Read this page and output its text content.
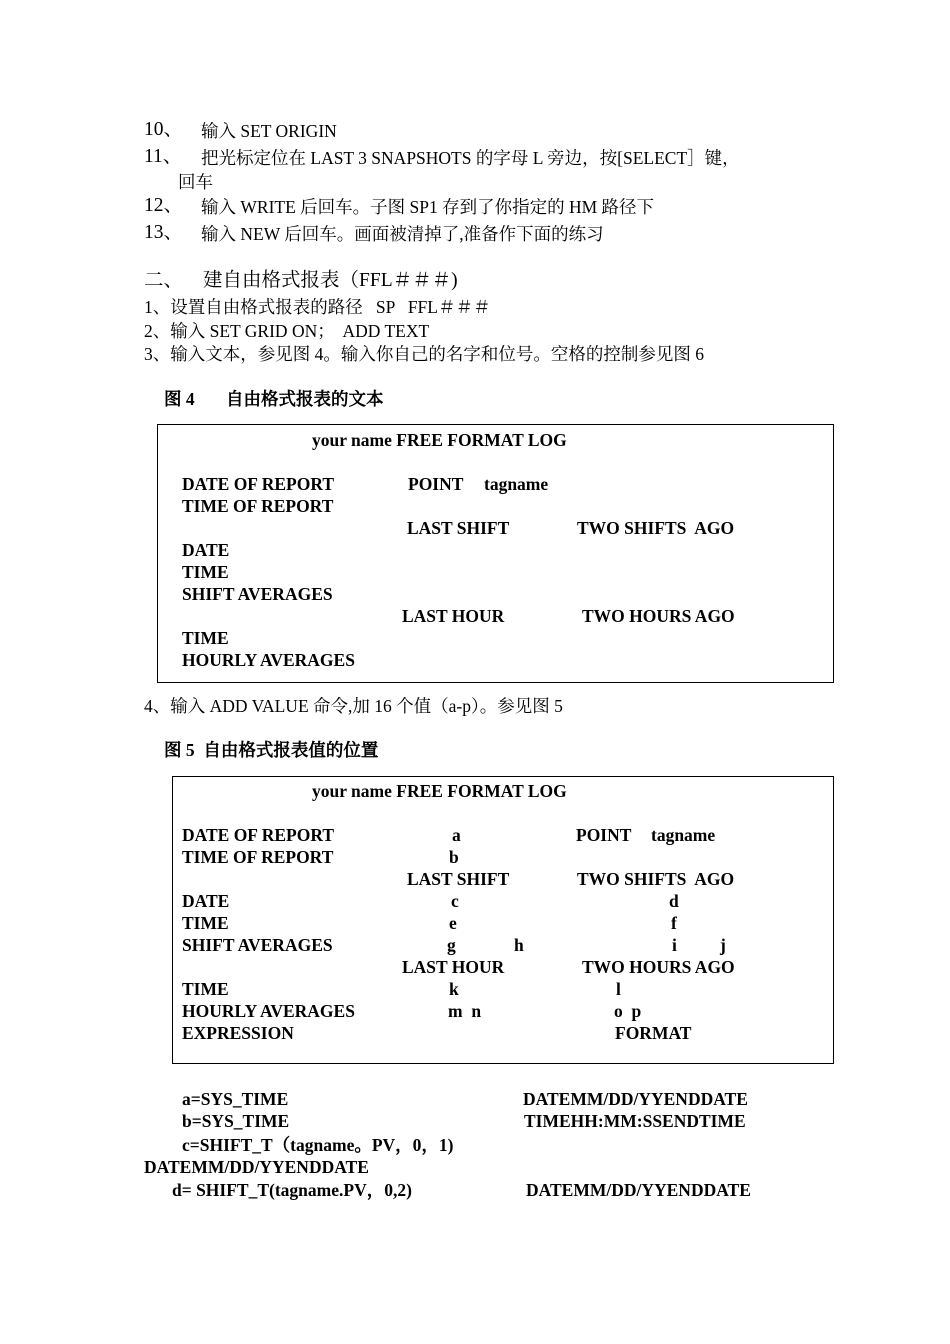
10、 输入 SET ORIGIN
11、 把光标定位在 LAST 3 SNAPSHOTS 的字母 L 旁边，按[SELECT］键，
回车
12、 输入 WRITE 后回车。子图 SP1 存到了你指定的 HM 路径下
13、 输入 NEW 后回车。画面被清掉了,准备作下面的练习
二、 建自由格式报表（FFL＃＃＃)
1、设置自由格式报表的路径   SP   FFL＃＃＃
2、输入 SET GRID ON；  ADD TEXT
3、输入文本，参见图 4。输入你自己的名字和位号。空格的控制参见图 6
图 4 自由格式报表的文本
your name FREE FORMAT LOG
DATE OF REPORT	POINT tagname
TIME OF REPORT
LAST SHIFT	TWO SHIFTS  AGO
DATE
TIME
SHIFT AVERAGES
LAST HOUR	TWO HOURS AGO
TIME
HOURLY AVERAGES
4、输入 ADD VALUE 命令,加 16 个值（a-p）。参见图 5
图 5  自由格式报表值的位置
your name FREE FORMAT LOG
DATE OF REPORT	a	POINT tagname
TIME OF REPORT	b
LAST SHIFT	TWO SHIFTS  AGO
DATE	c	d
TIME	e	f
SHIFT AVERAGES	g	h	i j
LAST HOUR	TWO HOURS AGO
TIME	k	l
HOURLY AVERAGES	m  n	o  p
EXPRESSION	FORMAT
a=SYS_TIME	DATEMM/DD/YYENDDATE
b=SYS_TIME	TIMEHH:MM:SSENDTIME
c=SHIFT_T（tagname。PV，0，1)
DATEMM/DD/YYENDDATE
d= SHIFT_T(tagname.PV，0,2)	DATEMM/DD/YYENDDATE
